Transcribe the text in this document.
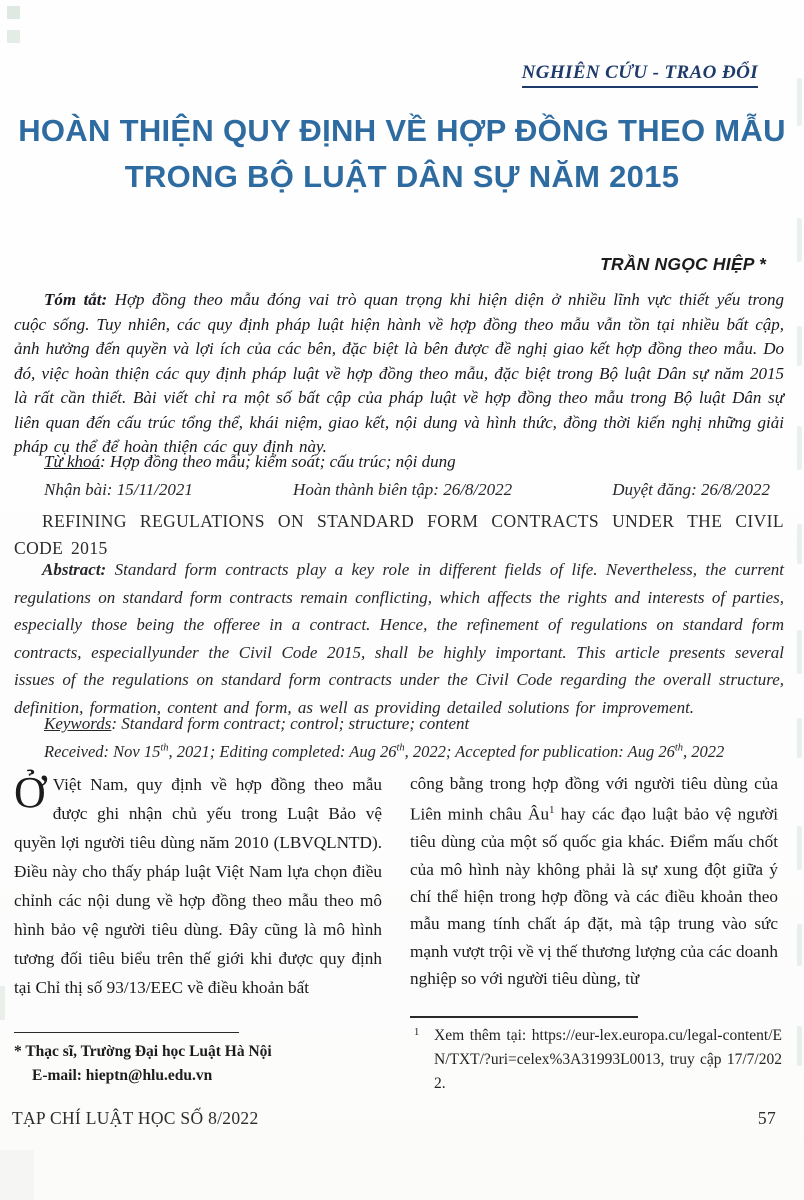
NGHIÊN CỨU - TRAO ĐỔI
HOÀN THIỆN QUY ĐỊNH VỀ HỢP ĐỒNG THEO MẪU
TRONG BỘ LUẬT DÂN SỰ NĂM 2015
TRẦN NGỌC HIỆP *

Tóm tắt: Hợp đồng theo mẫu đóng vai trò quan trọng khi hiện diện ở nhiều lĩnh vực thiết yếu trong cuộc sống. Tuy nhiên, các quy định pháp luật hiện hành về hợp đồng theo mẫu vẫn tồn tại nhiều bất cập, ảnh hưởng đến quyền và lợi ích của các bên, đặc biệt là bên được đề nghị giao kết hợp đồng theo mẫu. Do đó, việc hoàn thiện các quy định pháp luật về hợp đồng theo mẫu, đặc biệt trong Bộ luật Dân sự năm 2015 là rất cần thiết. Bài viết chỉ ra một số bất cập của pháp luật về hợp đồng theo mẫu trong Bộ luật Dân sự liên quan đến cấu trúc tổng thể, khái niệm, giao kết, nội dung và hình thức, đồng thời kiến nghị những giải pháp cụ thể để hoàn thiện các quy định này.

Từ khoá: Hợp đồng theo mẫu; kiểm soát; cấu trúc; nội dung
Nhận bài: 15/11/2021	Hoàn thành biên tập: 26/8/2022	Duyệt đăng: 26/8/2022

REFINING REGULATIONS ON STANDARD FORM CONTRACTS UNDER THE CIVIL CODE 2015

Abstract: Standard form contracts play a key role in different fields of life. Nevertheless, the current regulations on standard form contracts remain conflicting, which affects the rights and interests of parties, especially those being the offeree in a contract. Hence, the refinement of regulations on standard form contracts, especiallyunder the Civil Code 2015, shall be highly important. This article presents several issues of the regulations on standard form contracts under the Civil Code regarding the overall structure, definition, formation, content and form, as well as providing detailed solutions for improvement.

Keywords: Standard form contract; control; structure; content
Received: Nov 15th, 2021; Editing completed: Aug 26th, 2022; Accepted for publication: Aug 26th, 2022

Ở Việt Nam, quy định về hợp đồng theo mẫu được ghi nhận chủ yếu trong Luật Bảo vệ quyền lợi người tiêu dùng năm 2010 (LBVQLNTD). Điều này cho thấy pháp luật Việt Nam lựa chọn điều chỉnh các nội dung về hợp đồng theo mẫu theo mô hình bảo vệ người tiêu dùng. Đây cũng là mô hình tương đối tiêu biểu trên thế giới khi được quy định tại Chỉ thị số 93/13/EEC về điều khoản bất

công bằng trong hợp đồng với người tiêu dùng của Liên minh châu $Âu^1$ hay các đạo luật bảo vệ người tiêu dùng của một số quốc gia khác. Điểm mấu chốt của mô hình này không phải là sự xung đột giữa ý chí thể hiện trong hợp đồng và các điều khoản theo mẫu mang tính chất áp đặt, mà tập trung vào sức mạnh vượt trội về vị thế thương lượng của các doanh nghiệp so với người tiêu dùng, từ

* Thạc sĩ, Trường Đại học Luật Hà Nội
E-mail: hieptn@hlu.edu.vn
1 Xem thêm tại: https://eur-lex.europa.cu/legal-content/EN/TXT/?uri=celex%3A31993L0013, truy cập 17/7/2022.
TẠP CHÍ LUẬT HỌC SỐ 8/2022	57
